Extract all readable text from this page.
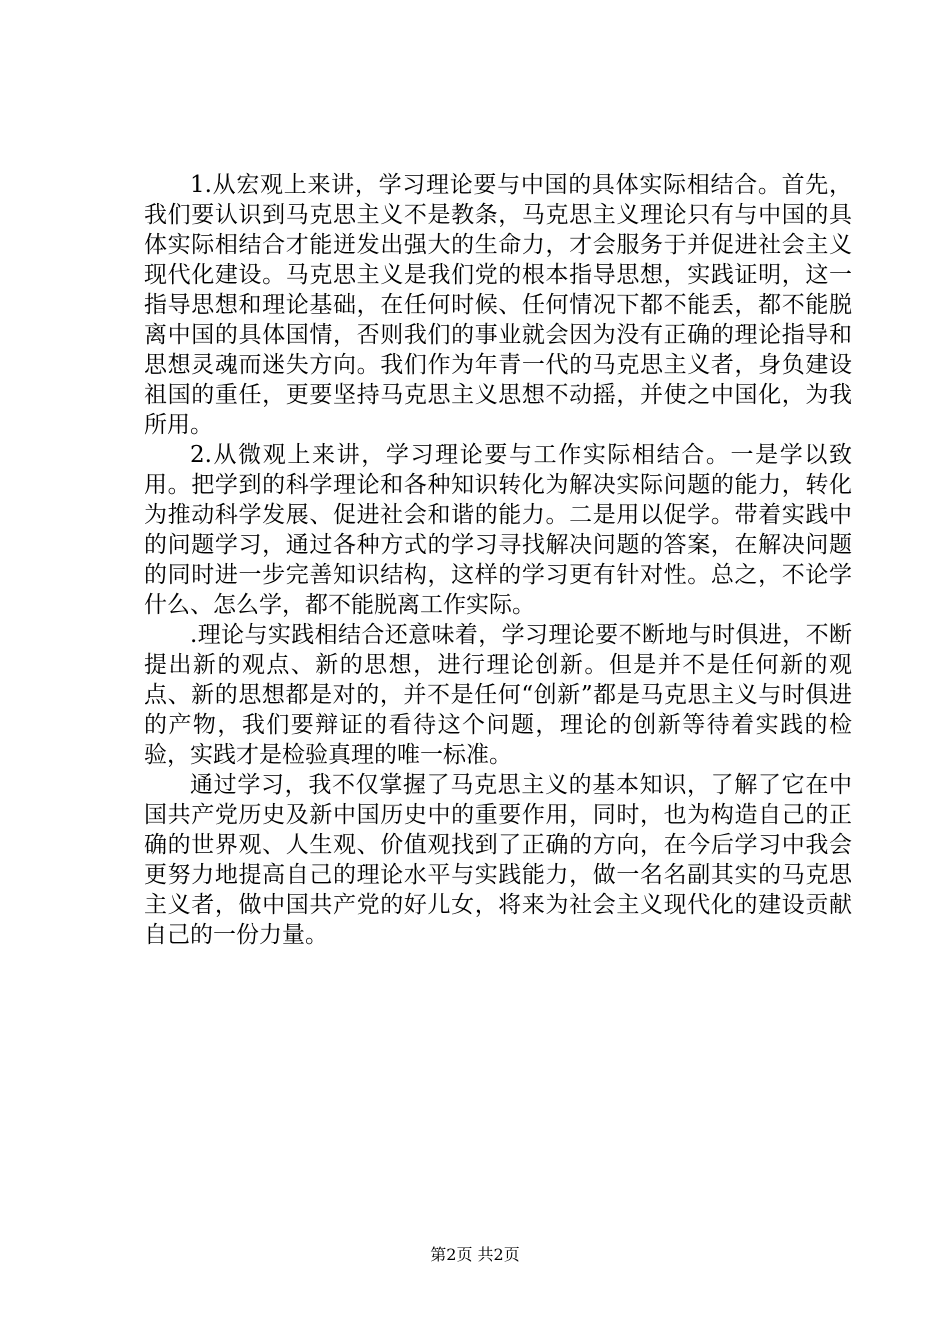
1.从宏观上来讲，学习理论要与中国的具体实际相结合。首先，我们要认识到马克思主义不是教条，马克思主义理论只有与中国的具体实际相结合才能迸发出强大的生命力，才会服务于并促进社会主义现代化建设。马克思主义是我们党的根本指导思想，实践证明，这一指导思想和理论基础，在任何时候、任何情况下都不能丢，都不能脱离中国的具体国情，否则我们的事业就会因为没有正确的理论指导和思想灵魂而迷失方向。我们作为年青一代的马克思主义者，身负建设祖国的重任，更要坚持马克思主义思想不动摇，并使之中国化，为我所用。

2.从微观上来讲，学习理论要与工作实际相结合。一是学以致用。把学到的科学理论和各种知识转化为解决实际问题的能力，转化为推动科学发展、促进社会和谐的能力。二是用以促学。带着实践中的问题学习，通过各种方式的学习寻找解决问题的答案，在解决问题的同时进一步完善知识结构，这样的学习更有针对性。总之，不论学什么、怎么学，都不能脱离工作实际。

.理论与实践相结合还意味着，学习理论要不断地与时俱进，不断提出新的观点、新的思想，进行理论创新。但是并不是任何新的观点、新的思想都是对的，并不是任何“创新”都是马克思主义与时俱进的产物，我们要辩证的看待这个问题，理论的创新等待着实践的检验，实践才是检验真理的唯一标准。

通过学习，我不仅掌握了马克思主义的基本知识，了解了它在中国共产党历史及新中国历史中的重要作用，同时，也为构造自己的正确的世界观、人生观、价值观找到了正确的方向，在今后学习中我会更努力地提高自己的理论水平与实践能力，做一名名副其实的马克思主义者，做中国共产党的好儿女，将来为社会主义现代化的建设贡献自己的一份力量。

第2页 共2页
